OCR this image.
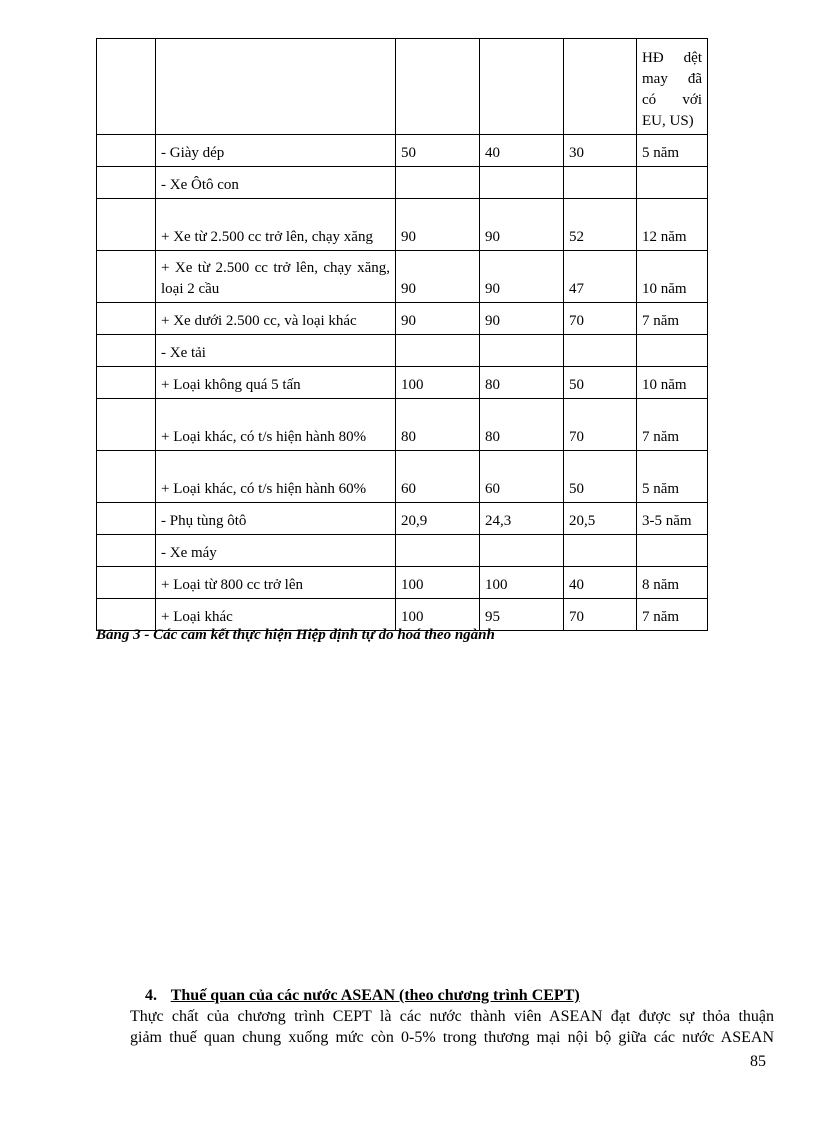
					HĐ dệt may đã có với EU, US)
	- Giày dép	50	40	30	5 năm
	- Xe Ôtô con				
	+ Xe từ 2.500 cc trở lên, chạy xăng	90	90	52	12 năm
	+ Xe từ 2.500 cc trở lên, chạy xăng, loại 2 cầu	90	90	47	10 năm
	+ Xe dưới 2.500 cc, và loại khác	90	90	70	7 năm
	- Xe tải				
	+ Loại không quá 5 tấn	100	80	50	10 năm
	+ Loại khác, có t/s hiện hành 80%	80	80	70	7 năm
	+ Loại khác, có t/s hiện hành 60%	60	60	50	5 năm
	- Phụ tùng ôtô	20,9	24,3	20,5	3-5 năm
	- Xe máy				
	+ Loại từ 800 cc trở lên	100	100	40	8 năm
	+ Loại khác	100	95	70	7 năm
Bảng 3 - Các cam kết thực hiện Hiệp định tự do hoá theo ngành
4. Thuế quan của các nước ASEAN (theo chương trình CEPT)
Thực chất của chương trình CEPT là các nước thành viên ASEAN đạt được sự thỏa thuận
giảm thuế quan chung xuống mức còn 0-5% trong thương mại nội bộ giữa các nước ASEAN
85
